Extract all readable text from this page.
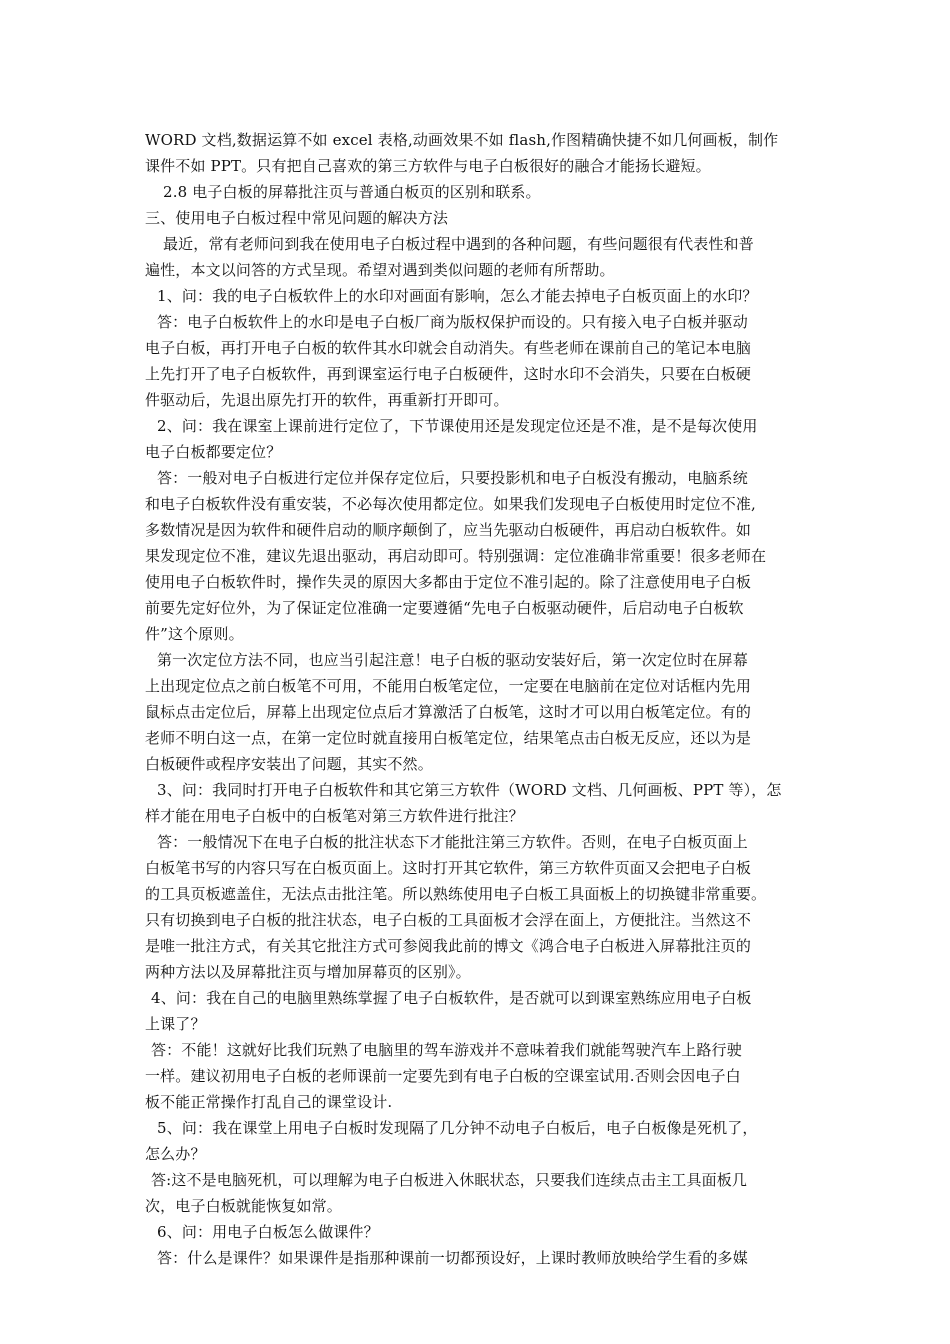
WORD 文档,数据运算不如 excel 表格,动画效果不如 flash,作图精确快捷不如几何画板，制作
课件不如 PPT。只有把自己喜欢的第三方软件与电子白板很好的融合才能扬长避短。
2.8 电子白板的屏幕批注页与普通白板页的区别和联系。
三、使用电子白板过程中常见问题的解决方法
最近，常有老师问到我在使用电子白板过程中遇到的各种问题，有些问题很有代表性和普
遍性，本文以问答的方式呈现。希望对遇到类似问题的老师有所帮助。
1、问：我的电子白板软件上的水印对画面有影响，怎么才能去掉电子白板页面上的水印？
答：电子白板软件上的水印是电子白板厂商为版权保护而设的。只有接入电子白板并驱动
电子白板，再打开电子白板的软件其水印就会自动消失。有些老师在课前自己的笔记本电脑
上先打开了电子白板软件，再到课室运行电子白板硬件，这时水印不会消失，只要在白板硬
件驱动后，先退出原先打开的软件，再重新打开即可。
2、问：我在课室上课前进行定位了，下节课使用还是发现定位还是不准，是不是每次使用
电子白板都要定位？
答：一般对电子白板进行定位并保存定位后，只要投影机和电子白板没有搬动，电脑系统
和电子白板软件没有重安装，不必每次使用都定位。如果我们发现电子白板使用时定位不准,
多数情况是因为软件和硬件启动的顺序颠倒了，应当先驱动白板硬件，再启动白板软件。如
果发现定位不准，建议先退出驱动，再启动即可。特别强调：定位准确非常重要！很多老师在
使用电子白板软件时，操作失灵的原因大多都由于定位不准引起的。除了注意使用电子白板
前要先定好位外，为了保证定位准确一定要遵循“先电子白板驱动硬件，后启动电子白板软
件”这个原则。
第一次定位方法不同，也应当引起注意！电子白板的驱动安装好后，第一次定位时在屏幕
上出现定位点之前白板笔不可用，不能用白板笔定位，一定要在电脑前在定位对话框内先用
鼠标点击定位后，屏幕上出现定位点后才算激活了白板笔，这时才可以用白板笔定位。有的
老师不明白这一点，在第一定位时就直接用白板笔定位，结果笔点击白板无反应，还以为是
白板硬件或程序安装出了问题，其实不然。
3、问：我同时打开电子白板软件和其它第三方软件（WORD 文档、几何画板、PPT 等），怎
样才能在用电子白板中的白板笔对第三方软件进行批注？
答：一般情况下在电子白板的批注状态下才能批注第三方软件。否则，在电子白板页面上
白板笔书写的内容只写在白板页面上。这时打开其它软件，第三方软件页面又会把电子白板
的工具页板遮盖住，无法点击批注笔。所以熟练使用电子白板工具面板上的切换键非常重要。
只有切换到电子白板的批注状态，电子白板的工具面板才会浮在面上，方便批注。当然这不
是唯一批注方式，有关其它批注方式可参阅我此前的博文《鸿合电子白板进入屏幕批注页的
两种方法以及屏幕批注页与增加屏幕页的区别》。
4、问：我在自己的电脑里熟练掌握了电子白板软件，是否就可以到课室熟练应用电子白板
上课了？
答：不能！这就好比我们玩熟了电脑里的驾车游戏并不意味着我们就能驾驶汽车上路行驶
一样。建议初用电子白板的老师课前一定要先到有电子白板的空课室试用.否则会因电子白
板不能正常操作打乱自己的课堂设计.
5、问：我在课堂上用电子白板时发现隔了几分钟不动电子白板后，电子白板像是死机了，
怎么办？
答:这不是电脑死机，可以理解为电子白板进入休眠状态，只要我们连续点击主工具面板几
次，电子白板就能恢复如常。
6、问：用电子白板怎么做课件？
答：什么是课件？如果课件是指那种课前一切都预设好，上课时教师放映给学生看的多媒
